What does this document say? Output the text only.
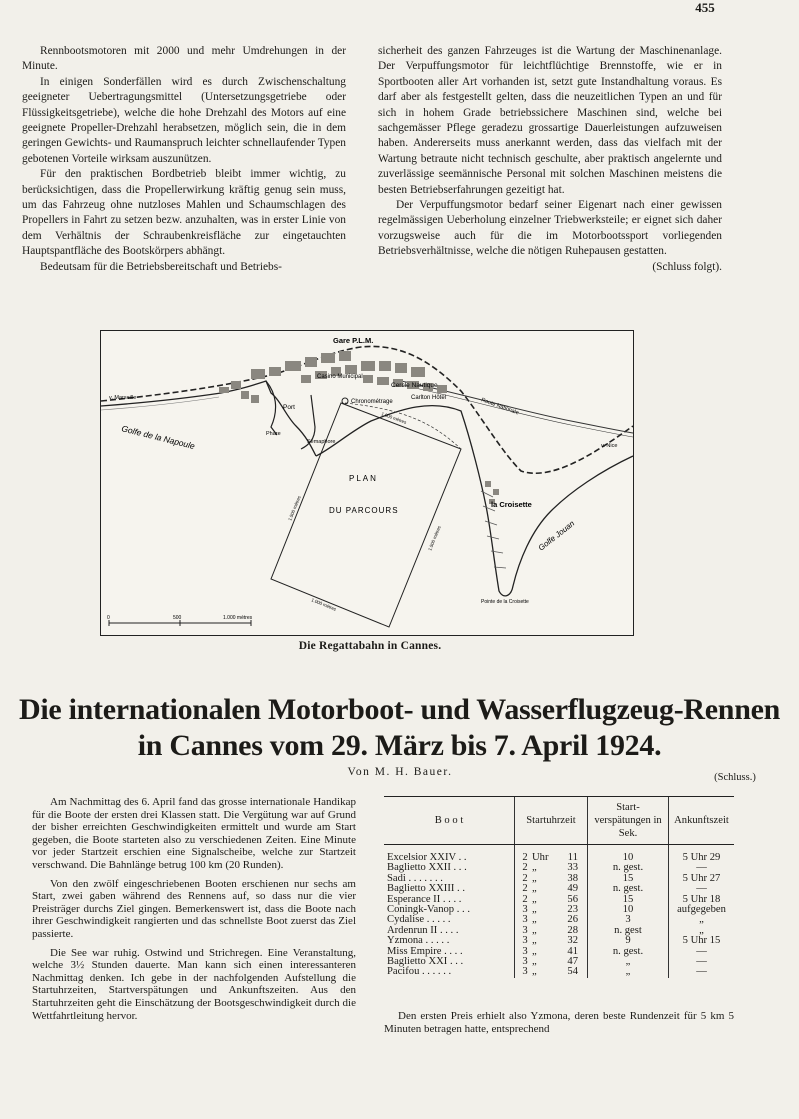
455

Rennbootsmotoren mit 2000 und mehr Umdrehungen in der Minute.

In einigen Sonderfällen wird es durch Zwischenschaltung geeigneter Uebertragungsmittel (Untersetzungsgetriebe oder Flüssigkeitsgetriebe), welche die hohe Drehzahl des Motors auf eine geeignete Propeller-Drehzahl herabsetzen, möglich sein, die in dem geringen Gewichts- und Raumanspruch leichter schnellaufender Typen gebotenen Vorteile wirksam auszunützen.

Für den praktischen Bordbetrieb bleibt immer wichtig, zu berücksichtigen, dass die Propellerwirkung kräftig genug sein muss, um das Fahrzeug ohne nutzloses Mahlen und Schaumschlagen des Propellers in Fahrt zu setzen bezw. anzuhalten, was in erster Linie von dem Verhältnis der Schraubenkreisfläche zur eingetauchten Hauptspantfläche des Bootskörpers abhängt.

Bedeutsam für die Betriebsbereitschaft und Betriebs-

sicherheit des ganzen Fahrzeuges ist die Wartung der Maschinenanlage. Der Verpuffungsmotor für leichtflüchtige Brennstoffe, wie er in Sportbooten aller Art vorhanden ist, setzt gute Instandhaltung voraus. Es darf aber als festgestellt gelten, dass die neuzeitlichen Typen an und für sich in hohem Grade betriebssichere Maschinen sind, welche bei sachgemässer Pflege geradezu grossartige Dauerleistungen aufzuweisen haben. Andererseits muss anerkannt werden, dass das vielfach mit der Wartung betraute nicht technisch geschulte, aber praktisch angelernte und zuverlässige seemännische Personal mit solchen Maschinen meistens die besten Betriebserfahrungen gezeitigt hat.

Der Verpuffungsmotor bedarf seiner Eigenart nach einer gewissen regelmässigen Ueberholung einzelner Triebwerksteile; er eignet sich daher vorzugsweise auch für die im Motorbootssport vorliegenden Betriebsverhältnisse, welche die nötigen Ruhepausen gestatten.
(Schluss folgt).

Gare P.L.M.
Casino Municipal
Cercle Nautique
Carlton Hôtel
Chronométrage
Port
Phare
Sémaphore
Golfe de la Napoule
Golfe Jouan
PLAN
DU PARCOURS
la Croisette
Pointe de la Croisette
Route Nationale
v. Marseille
v. Nice
1.000 mètres
1.000 mètres
1.500 mètres
1.500 mètres
0	500	1.000 mètres
Die Regattabahn in Cannes.
Die internationalen Motorboot- und Wasserflugzeug-Rennen
in Cannes vom 29. März bis 7. April 1924.
Von M. H. Bauer.	(Schluss.)

Am Nachmittag des 6. April fand das grosse internationale Handikap für die Boote der ersten drei Klassen statt. Die Vergütung war auf Grund der bisher erreichten Geschwindigkeiten ermittelt und wurde am Start gegeben, die Boote starteten also zu verschiedenen Zeiten. Eine Minute vor jeder Startzeit erschien eine Signalscheibe, welche zur Startzeit verschwand. Die Bahnlänge betrug 100 km (20 Runden).

Von den zwölf eingeschriebenen Booten erschienen nur sechs am Start, zwei gaben während des Rennens auf, so dass nur die vier Preisträger durchs Ziel gingen. Bemerkenswert ist, dass die Boote nach ihrer Geschwindigkeit rangierten und das schnellste Boot zuerst das Ziel passierte.

Die See war ruhig. Ostwind und Strichregen. Eine Veranstaltung, welche 3½ Stunden dauerte. Man kann sich einen interessanteren Nachmittag denken. Ich gebe in der nachfolgenden Aufstellung die Startuhrzeiten, Startverspätungen und Ankunftszeiten. Aus den Startuhrzeiten geht die Einschätzung der Bootsgeschwindigkeit durch die Wettfahrtleitung hervor.

B o o t	Startuhrzeit	Start-verspätungen in Sek.	Ankunftszeit
Excelsior XXIV . .	2 Uhr 11	10	5 Uhr 29
Baglietto XXII . . .	2 „ 33	n. gest.	—
Sadi . . . . . . .	2 „ 38	15	5 Uhr 27
Baglietto XXIII . .	2 „ 49	n. gest.	—
Esperance II . . . .	2 „ 56	15	5 Uhr 18
Coningk-Vanop . . .	3 „ 23	10	aufgegeben
Cydalise . . . . .	3 „ 26	3	„
Ardenrun II . . . .	3 „ 28	n. gest	„
Yzmona . . . . .	3 „ 32	9	5 Uhr 15
Miss Empire . . . .	3 „ 41	n. gest.	—
Baglietto XXI . . .	3 „ 47	„	—
Pacifou . . . . . .	3 „ 54	„	—

Den ersten Preis erhielt also Yzmona, deren beste Rundenzeit für 5 km 5 Minuten betragen hatte, entsprechend
